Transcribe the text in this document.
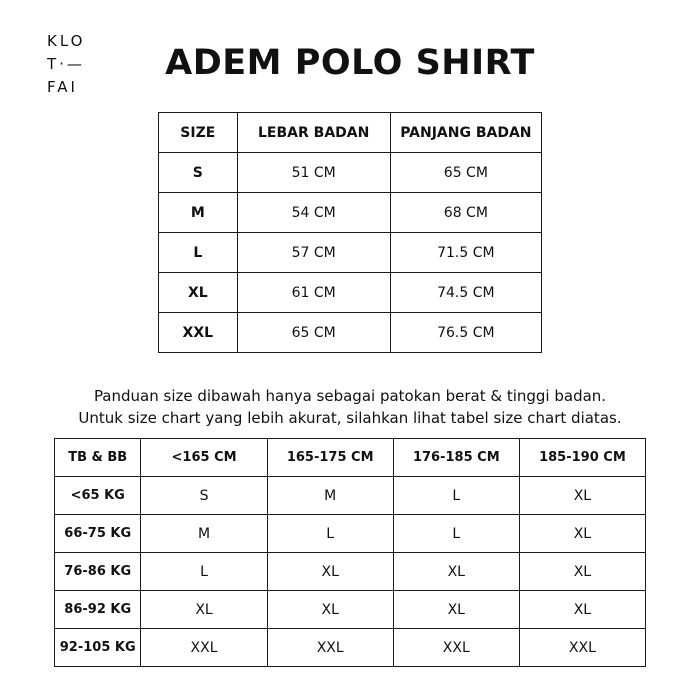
KLO
T·—
FAI
ADEM POLO SHIRT
SIZE	LEBAR BADAN	PANJANG BADAN
S	51 CM	65 CM
M	54 CM	68 CM
L	57 CM	71.5 CM
XL	61 CM	74.5 CM
XXL	65 CM	76.5 CM
Panduan size dibawah hanya sebagai patokan berat & tinggi badan.
Untuk size chart yang lebih akurat, silahkan lihat tabel size chart diatas.
TB & BB	<165 CM	165-175 CM	176-185 CM	185-190 CM
<65 KG	S	M	L	XL
66-75 KG	M	L	L	XL
76-86 KG	L	XL	XL	XL
86-92 KG	XL	XL	XL	XL
92-105 KG	XXL	XXL	XXL	XXL
